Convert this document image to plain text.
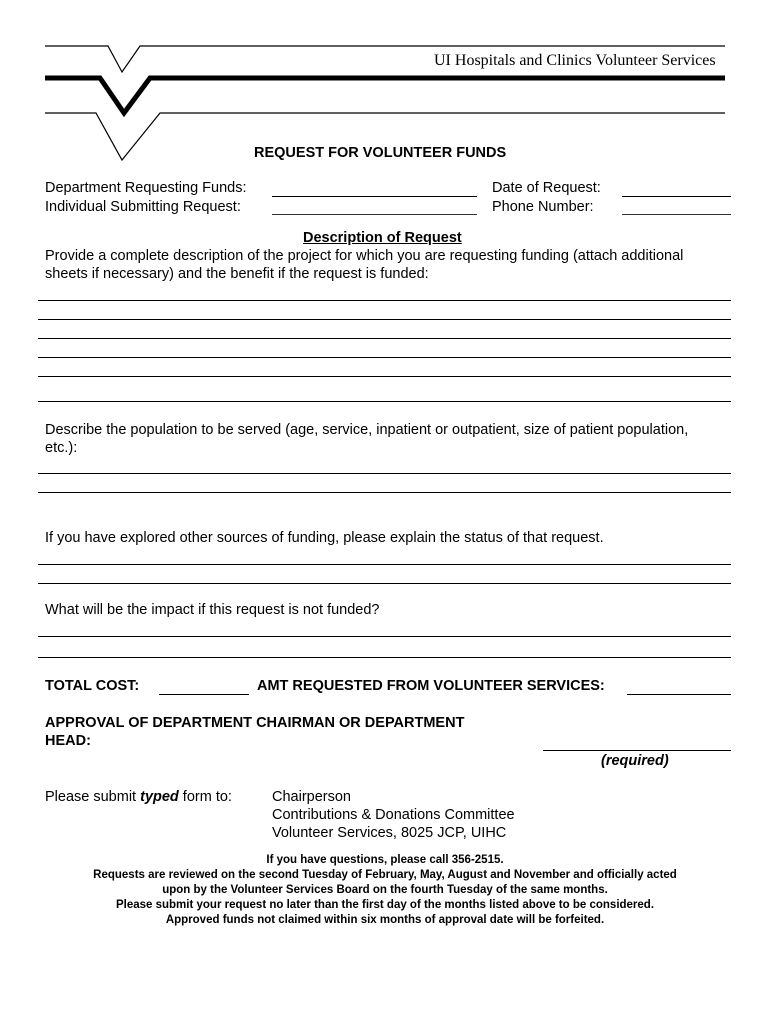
UI Hospitals and Clinics Volunteer Services
REQUEST FOR VOLUNTEER FUNDS
Department Requesting Funds:
Individual Submitting Request:
Date of Request:
Phone Number:
Description of Request
Provide a complete description of the project for which you are requesting funding (attach additional
sheets if necessary) and the benefit if the request is funded:
Describe the population to be served (age, service, inpatient or outpatient, size of patient population,
etc.):
If you have explored other sources of funding, please explain the status of that request.
What will be the impact if this request is not funded?
TOTAL COST:	AMT REQUESTED FROM VOLUNTEER SERVICES:
APPROVAL OF DEPARTMENT CHAIRMAN OR DEPARTMENT
HEAD:
(required)
Please submit typed form to:	Chairperson
Contributions & Donations Committee
Volunteer Services, 8025 JCP, UIHC
If you have questions, please call 356-2515.
Requests are reviewed on the second Tuesday of February, May, August and November and officially acted
upon by the Volunteer Services Board on the fourth Tuesday of the same months.
Please submit your request no later than the first day of the months listed above to be considered.
Approved funds not claimed within six months of approval date will be forfeited.
